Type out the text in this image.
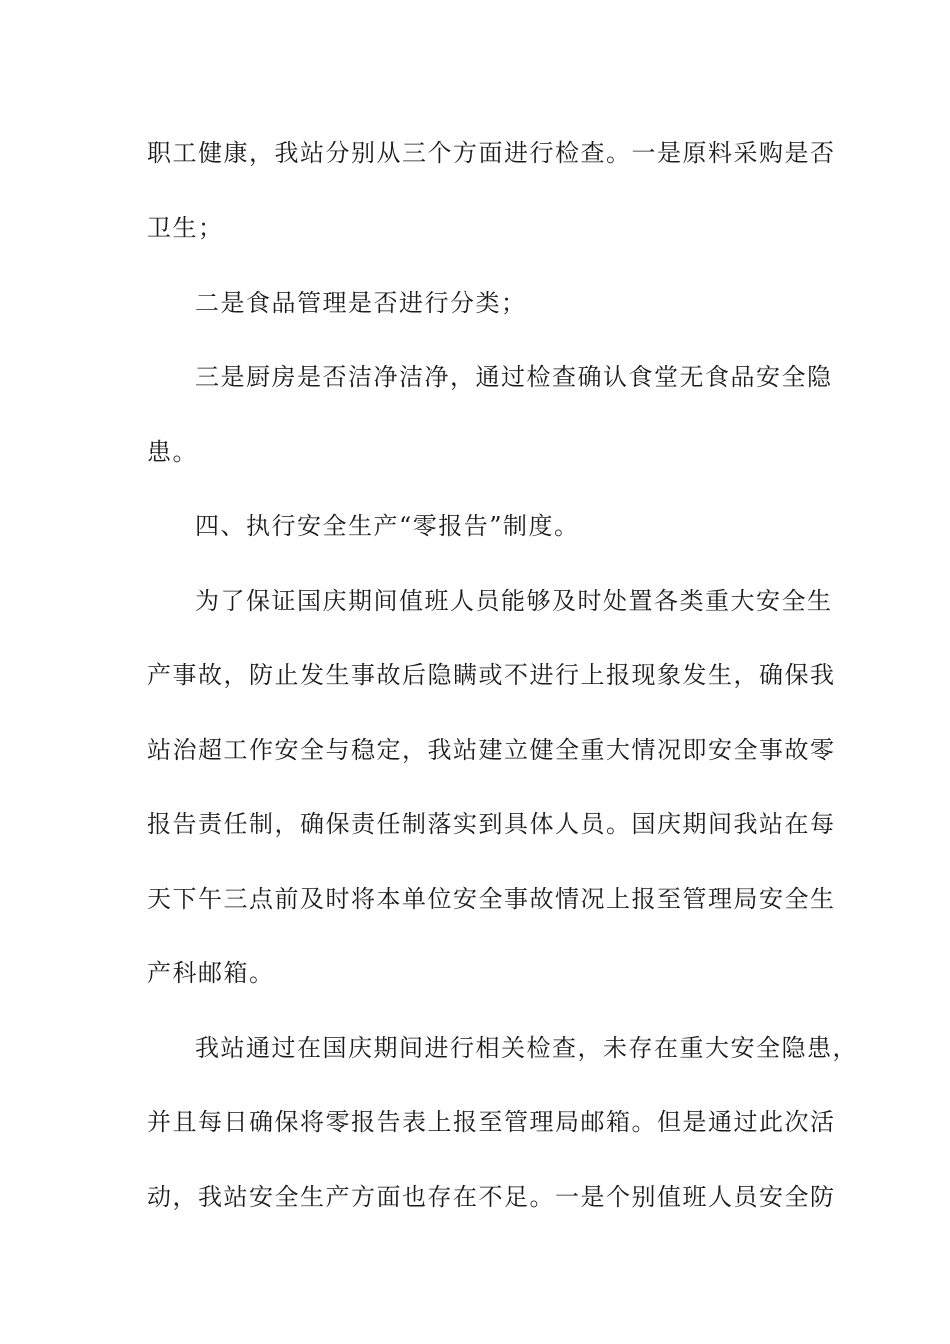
职工健康，我站分别从三个方面进行检查。一是原料采购是否
卫生；
二是食品管理是否进行分类；
三是厨房是否洁净洁净，通过检查确认食堂无食品安全隐
患。
四、执行安全生产“零报告”制度。
为了保证国庆期间值班人员能够及时处置各类重大安全生
产事故，防止发生事故后隐瞒或不进行上报现象发生，确保我
站治超工作安全与稳定，我站建立健全重大情况即安全事故零
报告责任制，确保责任制落实到具体人员。国庆期间我站在每
天下午三点前及时将本单位安全事故情况上报至管理局安全生
产科邮箱。
我站通过在国庆期间进行相关检查，未存在重大安全隐患，
并且每日确保将零报告表上报至管理局邮箱。但是通过此次活
动，我站安全生产方面也存在不足。一是个别值班人员安全防
